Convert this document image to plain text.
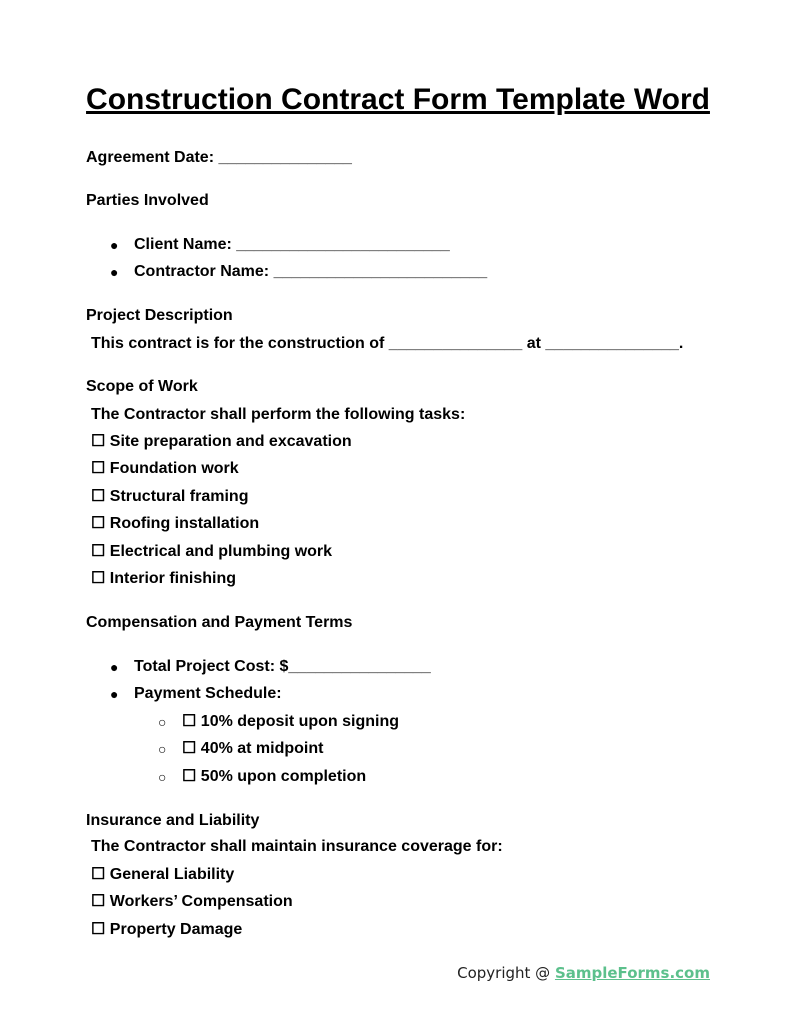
Construction Contract Form Template Word
Agreement Date: _______________
Parties Involved
● Client Name: ________________________
● Contractor Name: ________________________
Project Description
This contract is for the construction of _______________ at _______________.
Scope of Work
The Contractor shall perform the following tasks:
☐ Site preparation and excavation
☐ Foundation work
☐ Structural framing
☐ Roofing installation
☐ Electrical and plumbing work
☐ Interior finishing
Compensation and Payment Terms
● Total Project Cost: $________________
● Payment Schedule:
○ ☐ 10% deposit upon signing
○ ☐ 40% at midpoint
○ ☐ 50% upon completion
Insurance and Liability
The Contractor shall maintain insurance coverage for:
☐ General Liability
☐ Workers’ Compensation
☐ Property Damage
Copyright @ SampleForms.com
